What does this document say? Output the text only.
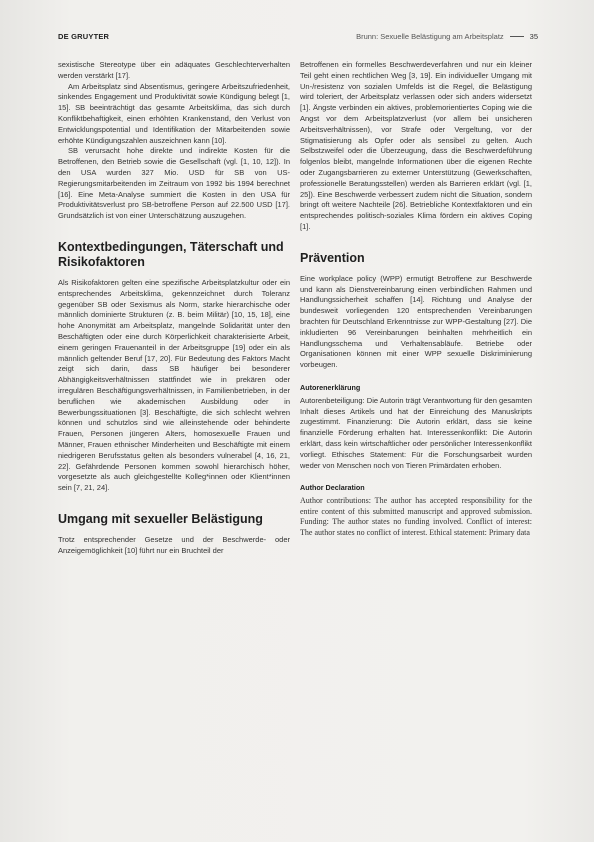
DE GRUYTER	Brunn: Sexuelle Belästigung am Arbeitsplatz	35

sexistische Stereotype über ein adäquates Geschlechterverhalten werden verstärkt [17].

Am Arbeitsplatz sind Absentismus, geringere Arbeitszufriedenheit, sinkendes Engagement und Produktivität sowie Kündigung belegt [1, 15]. SB beeinträchtigt das gesamte Arbeitsklima, das sich durch Konfliktbehaftigkeit, einen erhöhten Krankenstand, den Verlust von Entwicklungspotential und Identifikation der Mitarbeitenden sowie erhöhte Kündigungszahlen auszeichnen kann [10].

SB verursacht hohe direkte und indirekte Kosten für die Betroffenen, den Betrieb sowie die Gesellschaft (vgl. [1, 10, 12]). In den USA wurden 327 Mio. USD für SB von US-Regierungsmitarbeitenden im Zeitraum von 1992 bis 1994 berechnet [16]. Eine Meta-Analyse summiert die Kosten in den USA für Produktivitätsverlust pro SB-betroffene Person auf 22.500 USD [17]. Grundsätzlich ist von einer Unterschätzung auszugehen.

Kontextbedingungen, Täterschaft und Risikofaktoren

Als Risikofaktoren gelten eine spezifische Arbeitsplatzkultur oder ein entsprechendes Arbeitsklima, gekennzeichnet durch Toleranz gegenüber SB oder Sexismus als Norm, starke hierarchische oder männlich dominierte Strukturen (z. B. beim Militär) [10, 15, 18], eine hohe Anonymität am Arbeitsplatz, mangelnde Solidarität unter den Beschäftigten oder eine durch Körperlichkeit charakterisierte Arbeit, einem geringen Frauenanteil in der Arbeitsgruppe [19] oder ein als männlich geltender Beruf [17, 20]. Für Bedeutung des Faktors Macht zeigt sich darin, dass SB häufiger bei besonderer Abhängigkeitsverhältnissen stattfindet wie in prekären oder irregulären Beschäftigungsverhältnissen, in Familienbetrieben, in der beruflichen wie akademischen Ausbildung oder in Bewerbungssituationen [3]. Beschäftigte, die sich schlecht wehren können und schutzlos sind wie alleinstehende oder behinderte Frauen, Personen jüngeren Alters, homosexuelle Frauen und Männer, Frauen ethnischer Minderheiten und Beschäftigte mit einem niedrigeren Berufsstatus gelten als besonders vulnerabel [4, 16, 21, 22]. Gefährdende Personen kommen sowohl hierarchisch höher, vorgesetzte als auch gleichgestellte Kolleg*innen oder Klient*innen sein [7, 21, 24].

Umgang mit sexueller Belästigung

Trotz entsprechender Gesetze und der Beschwerde- oder Anzeigemöglichkeit [10] führt nur ein Bruchteil der

Betroffenen ein formelles Beschwerdeverfahren und nur ein kleiner Teil geht einen rechtlichen Weg [3, 19]. Ein individueller Umgang mit Un-/resistenz von sozialen Umfelds ist die Regel, die Belästigung wird toleriert, der Arbeitsplatz verlassen oder sich anders widersetzt [1]. Ängste verbinden ein aktives, problemorientiertes Coping wie die Angst vor dem Arbeitsplatzverlust (vor allem bei unsicheren Arbeitsverhältnissen), vor Strafe oder Vergeltung, vor der Stigmatisierung als Opfer oder als sensibel zu gelten. Auch Selbstzweifel oder die Überzeugung, dass die Beschwerdeführung folgenlos bleibt, mangelnde Informationen über die eigenen Rechte oder Zugangsbarrieren zu externer Unterstützung (Gewerkschaften, professionelle Beratungsstellen) werden als Barrieren erklärt (vgl. [1, 25]). Eine Beschwerde verbessert zudem nicht die Situation, sondern bringt oft weitere Nachteile [26]. Betriebliche Kontextfaktoren und ein entsprechendes politisch-soziales Klima fördern ein aktives Coping [1].

Prävention

Eine workplace policy (WPP) ermutigt Betroffene zur Beschwerde und kann als Dienstvereinbarung einen verbindlichen Rahmen und Handlungssicherheit schaffen [14]. Richtung und Analyse der bundesweit vorliegenden 120 entsprechenden Vereinbarungen brachten für Deutschland Erkenntnisse zur WPP-Gestaltung [27]. Die inkludierten 96 Vereinbarungen beinhalten mehrheitlich ein Handlungsschema und Verhaltensabläufe. Betriebe oder Organisationen können mit einer WPP sexuelle Diskriminierung vorbeugen.

Autorenerklärung

Autorenbeteiligung: Die Autorin trägt Verantwortung für den gesamten Inhalt dieses Artikels und hat der Einreichung des Manuskripts zugestimmt. Finanzierung: Die Autorin erklärt, dass sie keine finanzielle Förderung erhalten hat. Interessenkonflikt: Die Autorin erklärt, dass kein wirtschaftlicher oder persönlicher Interessenkonflikt vorliegt. Ethisches Statement: Für die Forschungsarbeit wurden weder von Menschen noch von Tieren Primärdaten erhoben.

Author Declaration

Author contributions: The author has accepted responsibility for the entire content of this submitted manuscript and approved submission. Funding: The author states no funding involved. Conflict of interest: The author states no conflict of interest. Ethical statement: Primary data
